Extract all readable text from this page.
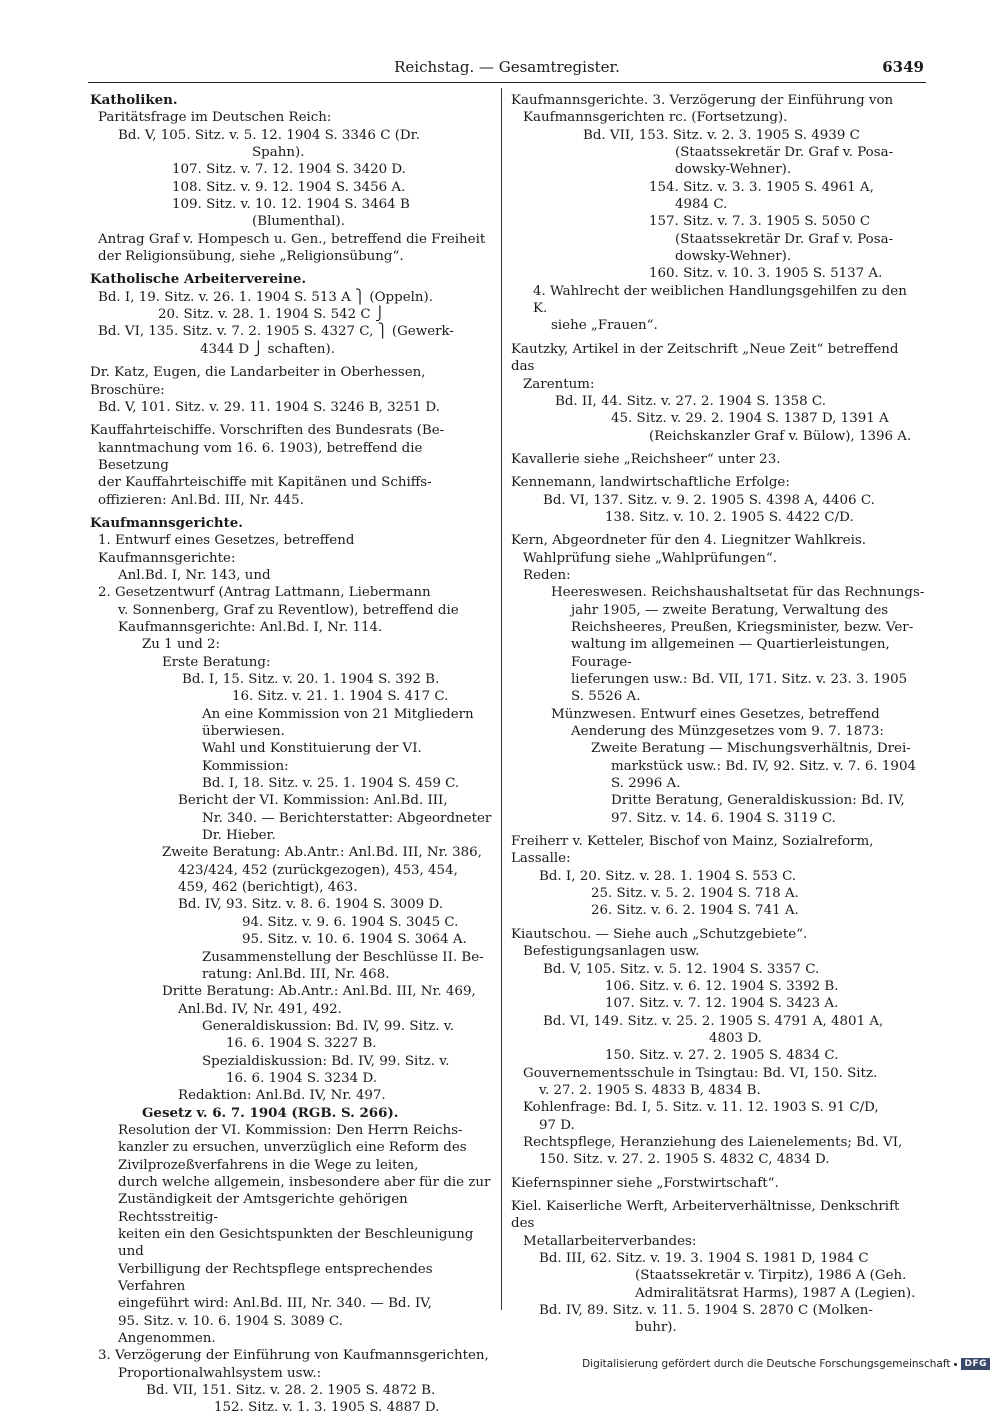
Reichstag. — Gesamtregister.	6349
Katholiken.
Paritätsfrage im Deutschen Reich:
Bd. V, 105. Sitz. v. 5. 12. 1904 S. 3346 C (Dr.
Spahn).
107. Sitz. v. 7. 12. 1904 S. 3420 D.
108. Sitz. v. 9. 12. 1904 S. 3456 A.
109. Sitz. v. 10. 12. 1904 S. 3464 B
(Blumenthal).
Antrag Graf v. Hompesch u. Gen., betreffend die Freiheit
der Religionsübung, siehe „Religionsübung“.
Katholische Arbeitervereine.
Bd. I, 19. Sitz. v. 26. 1. 1904 S. 513 A ⎫ (Oppeln).
20. Sitz. v. 28. 1. 1904 S. 542 C ⎭
Bd. VI, 135. Sitz. v. 7. 2. 1905 S. 4327 C, ⎫ (Gewerk-
4344 D ⎭ schaften).
Dr. Katz, Eugen, die Landarbeiter in Oberhessen, Broschüre:
Bd. V, 101. Sitz. v. 29. 11. 1904 S. 3246 B, 3251 D.
Kauffahrteischiffe. Vorschriften des Bundesrats (Be-
kanntmachung vom 16. 6. 1903), betreffend die Besetzung
der Kauffahrteischiffe mit Kapitänen und Schiffs-
offizieren: Anl.Bd. III, Nr. 445.
Kaufmannsgerichte.
1. Entwurf eines Gesetzes, betreffend Kaufmannsgerichte:
Anl.Bd. I, Nr. 143, und
2. Gesetzentwurf (Antrag Lattmann, Liebermann
v. Sonnenberg, Graf zu Reventlow), betreffend die
Kaufmannsgerichte: Anl.Bd. I, Nr. 114.
Zu 1 und 2:
Erste Beratung:
Bd. I, 15. Sitz. v. 20. 1. 1904 S. 392 B.
16. Sitz. v. 21. 1. 1904 S. 417 C.
An eine Kommission von 21 Mitgliedern
überwiesen.
Wahl und Konstituierung der VI. Kommission:
Bd. I, 18. Sitz. v. 25. 1. 1904 S. 459 C.
Bericht der VI. Kommission: Anl.Bd. III,
Nr. 340. — Berichterstatter: Abgeordneter
Dr. Hieber.
Zweite Beratung: Ab.Antr.: Anl.Bd. III, Nr. 386,
423/424, 452 (zurückgezogen), 453, 454,
459, 462 (berichtigt), 463.
Bd. IV, 93. Sitz. v. 8. 6. 1904 S. 3009 D.
94. Sitz. v. 9. 6. 1904 S. 3045 C.
95. Sitz. v. 10. 6. 1904 S. 3064 A.
Zusammenstellung der Beschlüsse II. Be-
ratung: Anl.Bd. III, Nr. 468.
Dritte Beratung: Ab.Antr.: Anl.Bd. III, Nr. 469,
Anl.Bd. IV, Nr. 491, 492.
Generaldiskussion: Bd. IV, 99. Sitz. v.
16. 6. 1904 S. 3227 B.
Spezialdiskussion: Bd. IV, 99. Sitz. v.
16. 6. 1904 S. 3234 D.
Redaktion: Anl.Bd. IV, Nr. 497.
Gesetz v. 6. 7. 1904 (RGB. S. 266).
Resolution der VI. Kommission: Den Herrn Reichs-
kanzler zu ersuchen, unverzüglich eine Reform des
Zivilprozeßverfahrens in die Wege zu leiten,
durch welche allgemein, insbesondere aber für die zur
Zuständigkeit der Amtsgerichte gehörigen Rechtsstreitig-
keiten ein den Gesichtspunkten der Beschleunigung und
Verbilligung der Rechtspflege entsprechendes Verfahren
eingeführt wird: Anl.Bd. III, Nr. 340. — Bd. IV,
95. Sitz. v. 10. 6. 1904 S. 3089 C.
Angenommen.
3. Verzögerung der Einführung von Kaufmannsgerichten,
Proportionalwahlsystem usw.:
Bd. VII, 151. Sitz. v. 28. 2. 1905 S. 4872 B.
152. Sitz. v. 1. 3. 1905 S. 4887 D.
Kaufmannsgerichte. 3. Verzögerung der Einführung von
Kaufmannsgerichten rc. (Fortsetzung).
Bd. VII, 153. Sitz. v. 2. 3. 1905 S. 4939 C
(Staatssekretär Dr. Graf v. Posa-
dowsky-Wehner).
154. Sitz. v. 3. 3. 1905 S. 4961 A,
4984 C.
157. Sitz. v. 7. 3. 1905 S. 5050 C
(Staatssekretär Dr. Graf v. Posa-
dowsky-Wehner).
160. Sitz. v. 10. 3. 1905 S. 5137 A.
4. Wahlrecht der weiblichen Handlungsgehilfen zu den K.
siehe „Frauen“.
Kautzky, Artikel in der Zeitschrift „Neue Zeit“ betreffend das
Zarentum:
Bd. II, 44. Sitz. v. 27. 2. 1904 S. 1358 C.
45. Sitz. v. 29. 2. 1904 S. 1387 D, 1391 A
(Reichskanzler Graf v. Bülow), 1396 A.
Kavallerie siehe „Reichsheer“ unter 23.
Kennemann, landwirtschaftliche Erfolge:
Bd. VI, 137. Sitz. v. 9. 2. 1905 S. 4398 A, 4406 C.
138. Sitz. v. 10. 2. 1905 S. 4422 C/D.
Kern, Abgeordneter für den 4. Liegnitzer Wahlkreis.
Wahlprüfung siehe „Wahlprüfungen“.
Reden:
Heereswesen. Reichshaushaltsetat für das Rechnungs-
jahr 1905, — zweite Beratung, Verwaltung des
Reichsheeres, Preußen, Kriegsminister, bezw. Ver-
waltung im allgemeinen — Quartierleistungen, Fourage-
lieferungen usw.: Bd. VII, 171. Sitz. v. 23. 3. 1905
S. 5526 A.
Münzwesen. Entwurf eines Gesetzes, betreffend
Aenderung des Münzgesetzes vom 9. 7. 1873:
Zweite Beratung — Mischungsverhältnis, Drei-
markstück usw.: Bd. IV, 92. Sitz. v. 7. 6. 1904
S. 2996 A.
Dritte Beratung, Generaldiskussion: Bd. IV,
97. Sitz. v. 14. 6. 1904 S. 3119 C.
Freiherr v. Ketteler, Bischof von Mainz, Sozialreform, Lassalle:
Bd. I, 20. Sitz. v. 28. 1. 1904 S. 553 C.
25. Sitz. v. 5. 2. 1904 S. 718 A.
26. Sitz. v. 6. 2. 1904 S. 741 A.
Kiautschou. — Siehe auch „Schutzgebiete“.
Befestigungsanlagen usw.
Bd. V, 105. Sitz. v. 5. 12. 1904 S. 3357 C.
106. Sitz. v. 6. 12. 1904 S. 3392 B.
107. Sitz. v. 7. 12. 1904 S. 3423 A.
Bd. VI, 149. Sitz. v. 25. 2. 1905 S. 4791 A, 4801 A,
4803 D.
150. Sitz. v. 27. 2. 1905 S. 4834 C.
Gouvernementsschule in Tsingtau: Bd. VI, 150. Sitz.
v. 27. 2. 1905 S. 4833 B, 4834 B.
Kohlenfrage: Bd. I, 5. Sitz. v. 11. 12. 1903 S. 91 C/D,
97 D.
Rechtspflege, Heranziehung des Laienelements; Bd. VI,
150. Sitz. v. 27. 2. 1905 S. 4832 C, 4834 D.
Kiefernspinner siehe „Forstwirtschaft“.
Kiel. Kaiserliche Werft, Arbeiterverhältnisse, Denkschrift des
Metallarbeiterverbandes:
Bd. III, 62. Sitz. v. 19. 3. 1904 S. 1981 D, 1984 C
(Staatssekretär v. Tirpitz), 1986 A (Geh.
Admiralitätsrat Harms), 1987 A (Legien).
Bd. IV, 89. Sitz. v. 11. 5. 1904 S. 2870 C (Molken-
buhr).
Digitalisierung gefördert durch die Deutsche Forschungsgemeinschaft	DFG
